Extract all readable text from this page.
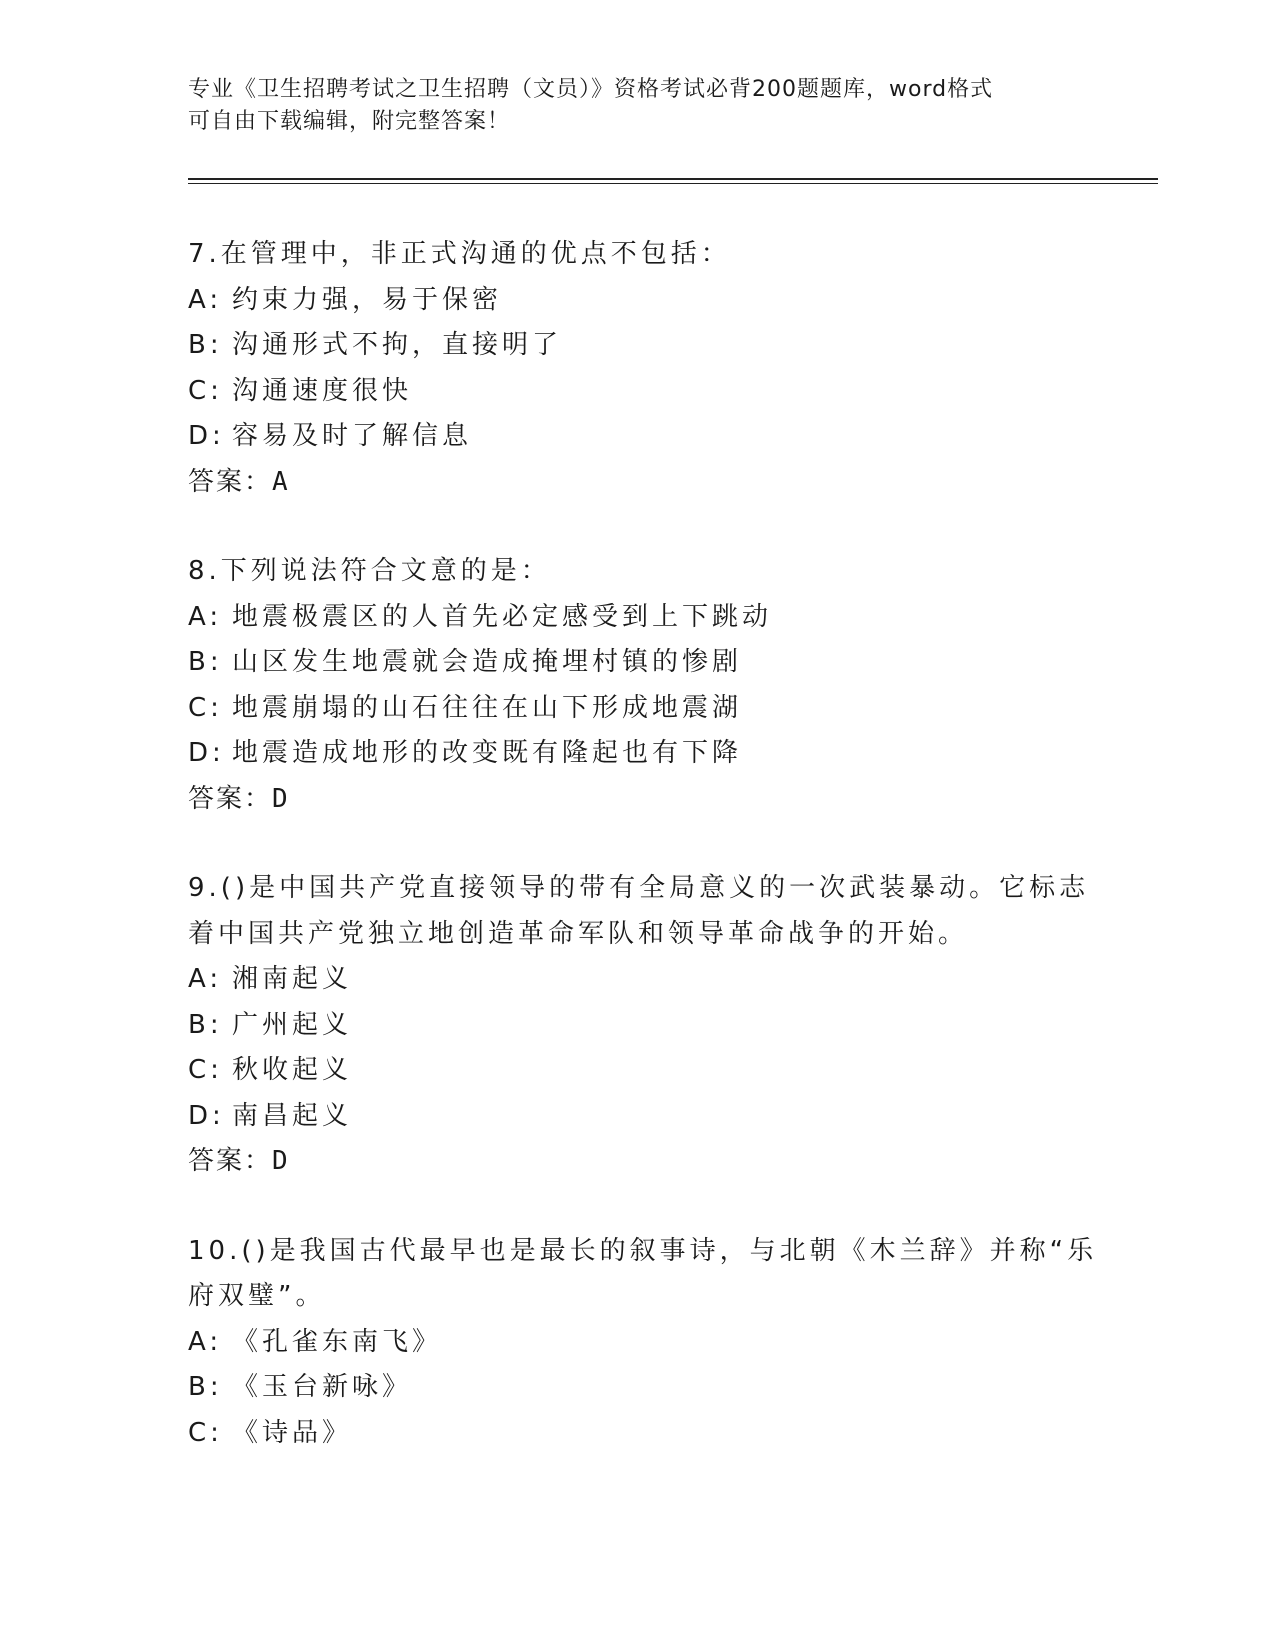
专业《卫生招聘考试之卫生招聘（文员）》资格考试必背200题题库，word格式
可自由下载编辑，附完整答案！
7.在管理中，非正式沟通的优点不包括：
A: 约束力强，易于保密
B: 沟通形式不拘，直接明了
C: 沟通速度很快
D: 容易及时了解信息
答案：A
8.下列说法符合文意的是：
A: 地震极震区的人首先必定感受到上下跳动
B: 山区发生地震就会造成掩埋村镇的惨剧
C: 地震崩塌的山石往往在山下形成地震湖
D: 地震造成地形的改变既有隆起也有下降
答案：D
9.()是中国共产党直接领导的带有全局意义的一次武装暴动。它标志
着中国共产党独立地创造革命军队和领导革命战争的开始。
A: 湘南起义
B: 广州起义
C: 秋收起义
D: 南昌起义
答案：D
10.()是我国古代最早也是最长的叙事诗，与北朝《木兰辞》并称“乐
府双璧”。
A: 《孔雀东南飞》
B: 《玉台新咏》
C: 《诗品》
